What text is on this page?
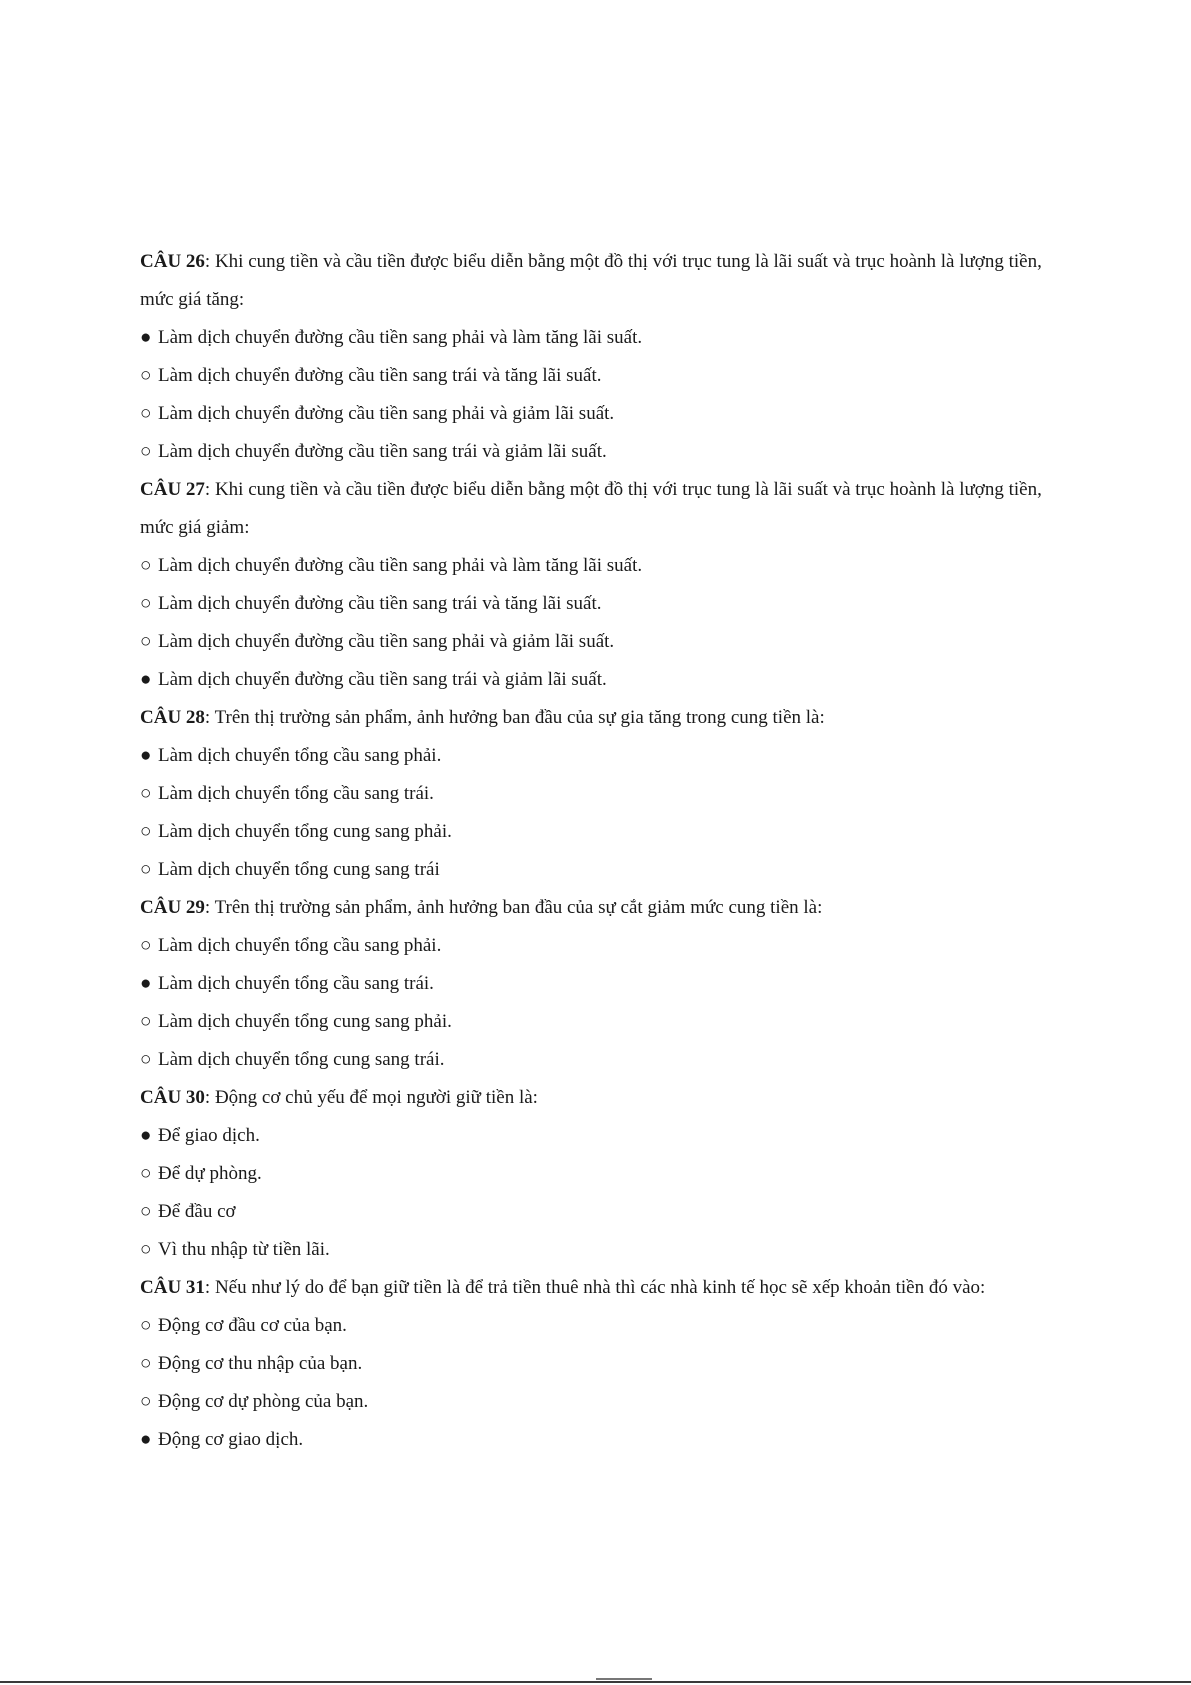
CÂU 26: Khi cung tiền và cầu tiền được biểu diễn bằng một đồ thị với trục tung là lãi suất và trục hoành là lượng tiền, mức giá tăng:
● Làm dịch chuyển đường cầu tiền sang phải và làm tăng lãi suất.
○ Làm dịch chuyển đường cầu tiền sang trái và tăng lãi suất.
○ Làm dịch chuyển đường cầu tiền sang phải và giảm lãi suất.
○ Làm dịch chuyển đường cầu tiền sang trái và giảm lãi suất.
CÂU 27: Khi cung tiền và cầu tiền được biểu diễn bằng một đồ thị với trục tung là lãi suất và trục hoành là lượng tiền, mức giá giảm:
○ Làm dịch chuyển đường cầu tiền sang phải và làm tăng lãi suất.
○ Làm dịch chuyển đường cầu tiền sang trái và tăng lãi suất.
○ Làm dịch chuyển đường cầu tiền sang phải và giảm lãi suất.
● Làm dịch chuyển đường cầu tiền sang trái và giảm lãi suất.
CÂU 28: Trên thị trường sản phẩm, ảnh hưởng ban đầu của sự gia tăng trong cung tiền là:
● Làm dịch chuyển tổng cầu sang phải.
○ Làm dịch chuyển tổng cầu sang trái.
○ Làm dịch chuyển tổng cung sang phải.
○ Làm dịch chuyển tổng cung sang trái
CÂU 29: Trên thị trường sản phẩm, ảnh hưởng ban đầu của sự cắt giảm mức cung tiền là:
○ Làm dịch chuyển tổng cầu sang phải.
● Làm dịch chuyển tổng cầu sang trái.
○ Làm dịch chuyển tổng cung sang phải.
○ Làm dịch chuyển tổng cung sang trái.
CÂU 30: Động cơ chủ yếu để mọi người giữ tiền là:
● Để giao dịch.
○ Để dự phòng.
○ Để đầu cơ
○ Vì thu nhập từ tiền lãi.
CÂU 31: Nếu như lý do để bạn giữ tiền là để trả tiền thuê nhà thì các nhà kinh tế học sẽ xếp khoản tiền đó vào:
○ Động cơ đầu cơ của bạn.
○ Động cơ thu nhập của bạn.
○ Động cơ dự phòng của bạn.
● Động cơ giao dịch.
